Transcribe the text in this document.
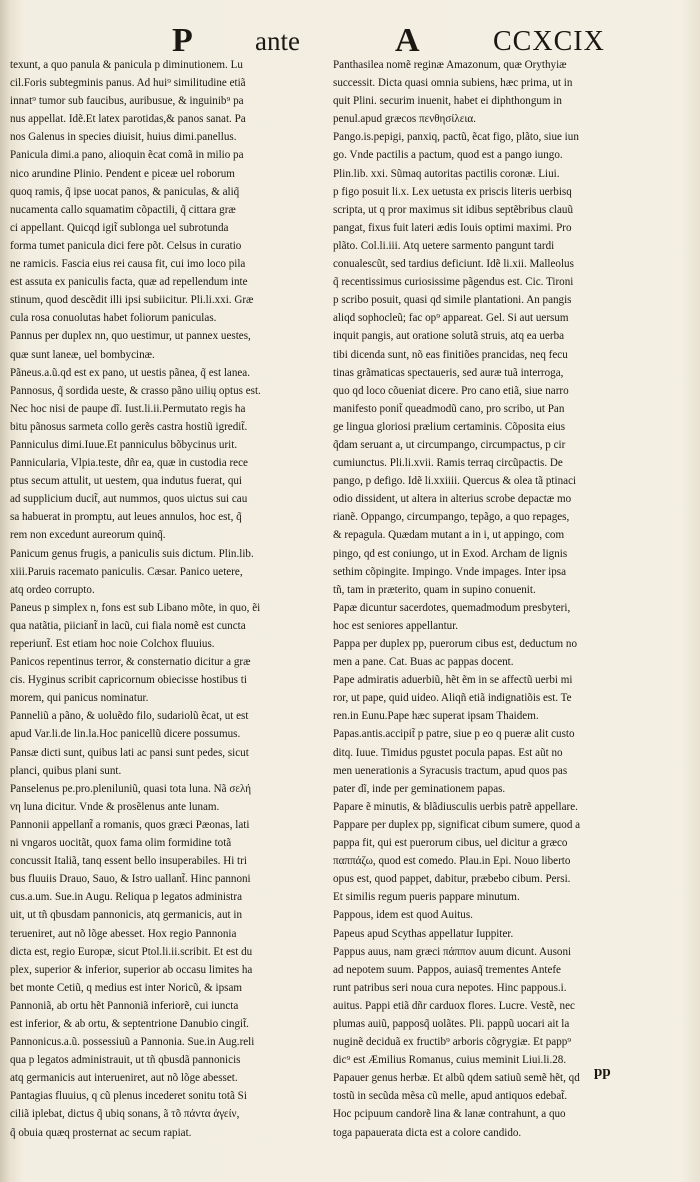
P ante	A	CCXCIX
texunt, a quo panula & panicula p diminutionem. Lu
cil.Foris subtegminis panus. Ad hui⁹ similitudine etiã
innat⁹ tumor sub faucibus, auribusue, & inguinib⁹ pa
nus appellat. Idẽ.Et latex parotidas,& panos sanat. Pa
nos Galenus in species diuisit, huius dimi.panellus.
Panicula dimi.a pano, alioquin ẽcat comã in milio pa
nico arundine Plinio. Pendent e piceæ uel roborum
quoq ramis, q̃ ipse uocat panos, & paniculas, & aliq̃
nucamenta callo squamatim cõpactili, q̃ cittara græ
ci appellant. Quicqd igit̃ sublonga uel subrotunda
forma tumet panicula dici fere põt. Celsus in curatio
ne ramicis. Fascia eius rei causa fit, cui imo loco pila
est assuta ex paniculis facta, quæ ad repellendum inte
stinum, quod descẽdit illi ipsi subiicitur. Pli.li.xxi. Græ
cula rosa conuolutas habet foliorum paniculas.
Pannus per duplex nn, quo uestimur, ut pannex uestes,
quæ sunt laneæ, uel bombycinæ.
Pãneus.a.ũ.qd est ex pano, ut uestis pãnea, q̃ est lanea.
Pannosus, q̃ sordida ueste, & crasso pãno uilių optus est.
Nec hoc nisi de paupe dĩ. Iust.li.ii.Permutato regis ha
bitu pãnosus sarmeta collo gerẽs castra hostiũ igredit̃.
Panniculus dimi.Iuue.Et panniculus bõbycinus urit.
Pannicularia, Vlpia.teste, dñr ea, quæ in custodia rece
ptus secum attulit, ut uestem, qua indutus fuerat, qui
ad supplicium ducit̃, aut nummos, quos uictus sui cau
sa habuerat in promptu, aut leues annulos, hoc est, q̃
rem non excedunt aureorum quinq̃.
Panicum genus frugis, a paniculis suis dictum. Plin.lib.
xiii.Paruis racemato paniculis. Cæsar. Panico uetere,
atq ordeo corrupto.
Paneus p simplex n, fons est sub Libano mõte, in quo, ẽi
qua natãtia, piiciant̃ in lacũ, cui fiala nomẽ est cuncta
reperiunt̃. Est etiam hoc noie Colchox fluuius.
Panicos repentinus terror, & consternatio dicitur a græ
cis. Hyginus scribit capricornum obiecisse hostibus ti
morem, qui panicus nominatur.
Panneliũ a pãno, & uoluẽdo filo, sudariolũ ẽcat, ut est
apud Var.li.de lin.la.Hoc panicellũ dicere possumus.
Pansæ dicti sunt, quibus lati ac pansi sunt pedes, sicut
planci, quibus plani sunt.
Panselenus pe.pro.pleniluniũ, quasi tota luna. Nã σελή
νη luna dicitur. Vnde & prosẽlenus ante lunam.
Pannonii appellant̃ a romanis, quos græci Pæonas, lati
ni vngaros uocitãt, quox fama olim formidine totã
concussit Italiã, tanq essent bello insuperabiles. Hi tri
bus fluuiis Drauo, Sauo, & Istro uallant̃. Hinc pannoni
cus.a.um. Sue.in Augu. Reliqua p legatos administra
uit, ut tñ qbusdam pannonicis, atq germanicis, aut in
terueniret, aut nõ lõge abesset. Hox regio Pannonia
dicta est, regio Europæ, sicut Ptol.li.ii.scribit. Et est du
plex, superior & inferior, superior ab occasu limites ha
bet monte Cetiũ, q medius est inter Noricũ, & ipsam
Pannoniã, ab ortu hẽt Pannoniã inferiorẽ, cui iuncta
est inferior, & ab ortu, & septentrione Danubio cingit̃.
Pannonicus.a.ũ. possessiuũ a Pannonia. Sue.in Aug.reli
qua p legatos administrauit, ut tñ qbusdã pannonicis
atq germanicis aut interueniret, aut nõ lõge abesset.
Pantagias fluuius, q cũ plenus incederet sonitu totã Si
ciliã iplebat, dictus q̃ ubiq sonans, ã τõ πάντα ἀγείν,
q̃ obuia quæq prosternat ac secum rapiat.
Panthasilea nomẽ reginæ Amazonum, quæ Orythyiæ
successit. Dicta quasi omnia subiens, hæc prima, ut in
quit Plini. securim inuenit, habet ei diphthongum in
penul.apud græcos πενθησίλεια.
Pango.is.pepigi, panxiq, pactũ, ẽcat figo, plãto, siue iun
go. Vnde pactilis a pactum, quod est a pango iungo.
Plin.lib. xxi. Sũmaq autoritas pactilis coronæ. Liui.
p figo posuit li.x. Lex uetusta ex priscis literis uerbisq
scripta, ut q pror maximus sit idibus septẽbribus clauũ
pangat, fixus fuit lateri ædis Iouis optimi maximi. Pro
plãto. Col.li.iii. Atq uetere sarmento pangunt tardi
conualescũt, sed tardius deficiunt. Idẽ li.xii. Malleolus
q̃ recentissimus curiosissime pãgendus est. Cic. Tironi
p scribo posuit, quasi qd simile plantationi. An pangis
aliqd sophocleũ; fac op⁹ appareat. Gel. Si aut uersum
inquit pangis, aut oratione solutã struis, atq ea uerba
tibi dicenda sunt, nõ eas finitiões prancidas, neq fecu
tinas grãmaticas spectaueris, sed auræ tuã interroga,
quo qd loco cõueniat dicere. Pro cano etiã, siue narro
manifesto ponit̃ queadmodũ cano, pro scribo, ut Pan
ge lingua gloriosi prælium certaminis. Cõposita eius
q̃dam seruant a, ut circumpango, circumpactus, p cir
cumiunctus. Pli.li.xvii. Ramis terraq circũpactis. De
pango, p defigo. Idẽ li.xxiiii. Quercus & olea tã ptinaci
odio dissident, ut altera in alterius scrobe depactæ mo
rianẽ. Oppango, circumpango, tepãgo, a quo repages,
& repagula. Quædam mutant a in i, ut appingo, com
pingo, qd est coniungo, ut in Exod. Archam de lignis
sethim cõpingite. Impingo. Vnde impages. Inter ipsa
tñ, tam in præterito, quam in supino conuenit.
Papæ dicuntur sacerdotes, quemadmodum presbyteri,
hoc est seniores appellantur.
Pappa per duplex pp, puerorum cibus est, deductum no
men a pane. Cat. Buas ac pappas docent.
Pape admiratis aduerbiũ, hẽt ẽm in se affectũ uerbi mi
ror, ut pape, quid uideo. Aliqñ etiã indignatiõis est. Te
ren.in Eunu.Pape hæc superat ipsam Thaidem.
Papas.antis.accipit̃ p patre, siue p eo q pueræ alit custo
ditq. Iuue. Timidus pgustet pocula papas. Est aũt no
men uenerationis a Syracusis tractum, apud quos pas
pater dĩ, inde per geminationem papas.
Papare ẽ minutis, & blãdiusculis uerbis patrẽ appellare.
Pappare per duplex pp, significat cibum sumere, quod a
pappa fit, qui est puerorum cibus, uel dicitur a græco
παππάζω, quod est comedo. Plau.in Epi. Nouo liberto
opus est, quod pappet, dabitur, præbebo cibum. Persi.
Et similis regum pueris pappare minutum.
Pappous, idem est quod Auitus.
Papeus apud Scythas appellatur Iuppiter.
Pappus auus, nam græci πάππον auum dicunt. Ausoni
ad nepotem suum. Pappos, auiasq̃ trementes Antefe
runt patribus seri noua cura nepotes. Hinc pappous.i.
auitus. Pappi etiã dñr carduox flores. Lucre. Vestẽ, nec
plumas auiũ, papposq̃ uolãtes. Pli. pappũ uocari ait la
nuginẽ deciduã ex fructib⁹ arboris cõgrygiæ. Et papp⁹
dic⁹ est Æmilius Romanus, cuius meminit Liui.li.28.
Papauer genus herbæ. Et albũ qdem satiuũ semẽ hẽt, qd
tostũ in secũda mẽsa cũ melle, apud antiquos edebat̃.
Hoc pcipuum candorẽ lina & lanæ contrahunt, a quo
toga papauerata dicta est a colore candido.
pp
